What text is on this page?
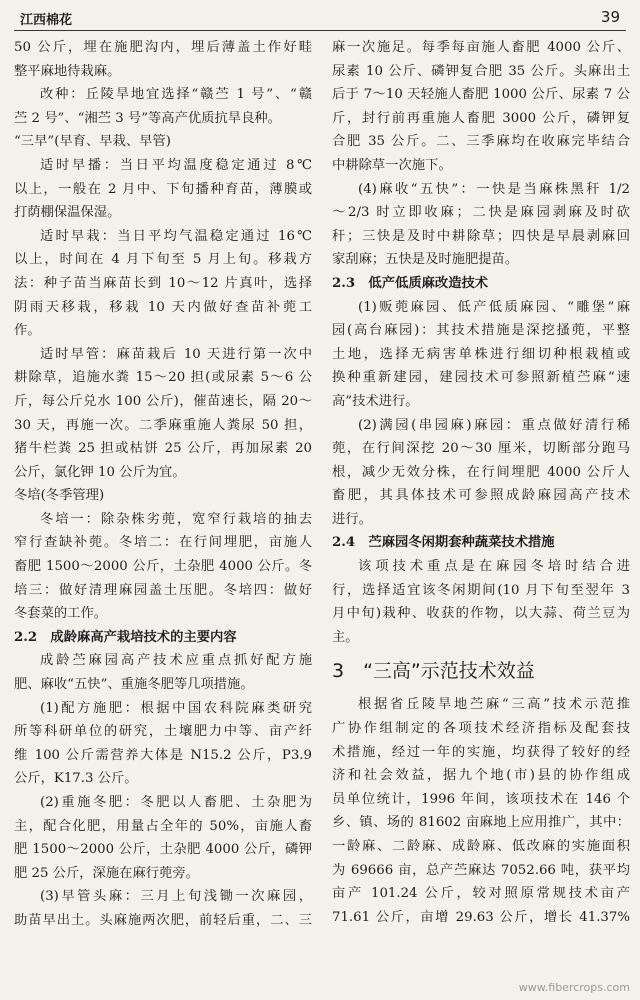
江西棉花	39
50 公斤，埋在施肥沟内，埋后薄盖土作好畦
整平麻地待栽麻。
改种：丘陵旱地宜选择“赣苎 1 号”、“赣
苎 2 号”、“湘苎 3 号”等高产优质抗旱良种。
“三早”(早育、早栽、早管)
适时早播：当日平均温度稳定通过 8℃
以上，一般在 2 月中、下旬播种育苗，薄膜或
打荫棚保温保湿。
适时早栽：当日平均气温稳定通过 16℃
以上，时间在 4 月下旬至 5 月上旬。移栽方
法：种子苗当麻苗长到 10～12 片真叶，选择
阴雨天移栽，移栽 10 天内做好查苗补蔸工
作。
适时早管：麻苗栽后 10 天进行第一次中
耕除草，追施水粪 15～20 担(或尿素 5～6 公
斤，每公斤兑水 100 公斤)，催苗速长，隔 20～
30 天，再施一次。二季麻重施人粪尿 50 担，
猪牛栏粪 25 担或枯饼 25 公斤，再加尿素 20
公斤，氯化钾 10 公斤为宜。
冬培(冬季管理)
冬培一：除杂株劣蔸，宽窄行栽培的抽去
窄行查缺补蔸。冬培二：在行间埋肥，亩施人
畜肥 1500～2000 公斤，土杂肥 4000 公斤。冬
培三：做好清理麻园盖土压肥。冬培四：做好
冬套菜的工作。
2.2　成龄麻高产栽培技术的主要内容
成龄苎麻园高产技术应重点抓好配方施
肥、麻收“五快”、重施冬肥等几项措施。
(1)配方施肥：根据中国农科院麻类研究
所等科研单位的研究，土壤肥力中等、亩产纤
维 100 公斤需营养大体是 N15.2 公斤，P3.9
公斤，K17.3 公斤。
(2)重施冬肥：冬肥以人畜肥、土杂肥为
主，配合化肥，用量占全年的 50%，亩施人畜
肥 1500～2000 公斤，土杂肥 4000 公斤，磷钾
肥 25 公斤，深施在麻行蔸旁。
(3)早管头麻：三月上旬浅锄一次麻园，
助苗早出土。头麻施两次肥，前轻后重，二、三
麻一次施足。每季每亩施人畜肥 4000 公斤、
尿素 10 公斤、磷钾复合肥 35 公斤。头麻出土
后于 7～10 天轻施人畜肥 1000 公斤、尿素 7 公
斤，封行前再重施人畜肥 3000 公斤，磷钾复
合肥 35 公斤。二、三季麻均在收麻完毕结合
中耕除草一次施下。
(4)麻收“五快”：一快是当麻株黑秆 1/2
～2/3 时立即收麻；二快是麻园剥麻及时砍
秆；三快是及时中耕除草；四快是早晨剥麻回
家刮麻；五快是及时施肥提苗。
2.3　低产低质麻改造技术
(1)贩蔸麻园、低产低质麻园、“雕堡”麻
园(高台麻园)：其技术措施是深挖搔蔸，平整
土地，选择无病害单株进行细切种根栽植或
换种重新建园，建园技术可参照新植苎麻“速
高”技术进行。
(2)满园(串园麻)麻园：重点做好清行稀
蔸，在行间深挖 20～30 厘米，切断部分跑马
根，减少无效分株，在行间埋肥 4000 公斤人
畜肥，其具体技术可参照成龄麻园高产技术
进行。
2.4　苎麻园冬闲期套种蔬菜技术措施
该项技术重点是在麻园冬培时结合进
行，选择适宜该冬闲期间(10 月下旬至翌年 3
月中旬)栽种、收获的作物，以大蒜、荷兰豆为
主。
3　“三高”示范技术效益
根据省丘陵旱地苎麻“三高”技术示范推
广协作组制定的各项技术经济指标及配套技
术措施，经过一年的实施，均获得了较好的经
济和社会效益，据九个地(市)县的协作组成
员单位统计，1996 年间，该项技术在 146 个
乡、镇、场的 81602 亩麻地上应用推广，其中：
一龄麻、二龄麻、成龄麻、低改麻的实施面积
为 69666 亩，总产苎麻达 7052.66 吨，获平均
亩产 101.24 公斤，较对照原常规技术亩产
71.61 公斤，亩增 29.63 公斤，增长 41.37%
www.fibercrops.com
